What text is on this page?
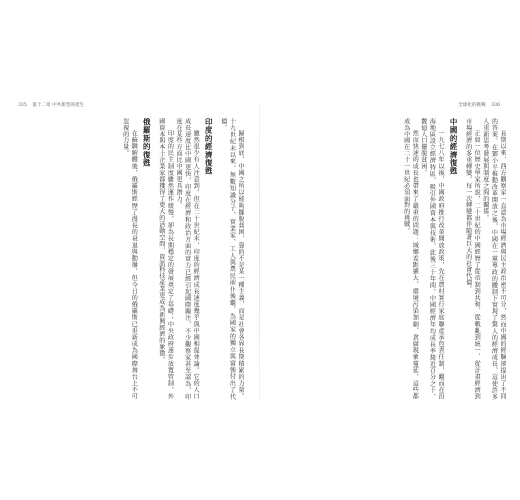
335 第十二章 中共新型的產生

歸根到底，中國之所以能夠擺脫貧困，靠的不是某一種主義，而是社會各界長期積累的力量。十九世紀末以來，無數知識分子、實業家、工人與農民前仆後繼，為國家的獨立與富強付出了代價。

印度的經濟復甦

雖然很少有人注意到，但在二十世紀末，印度的經濟成長速度幾乎與中國相提並論。它的人口成長速度比中國更快，印度在經濟和政治方面的實力已經引起國際關注，不少觀察家甚至認為，印度在某些方面比中國更具潛力。

印度的民主制度雖然運作緩慢，卻為長期穩定的發展奠定了基礎；中央政府逐步放寬管制，外國資本與本土企業家都獲得了更大的活動空間，資訊科技產業更成為新興經濟的象徵。

俄羅斯的復甦

在蘇聯解體後，俄羅斯經歷了漫長的衰退與動盪，但今日的俄羅斯已重新成為國際舞台上不可忽視的力量。

全球化的挑戰 336

長期以來，西方觀察家一直認為市場經濟與民主政治密不可分，然而中國的經驗卻提出了不同的答案。在鄧小平推動改革開放之後，中國在一黨專政的體制下實現了驚人的經濟成長，這使許多人重新思考發展與制度之間的關係。

正如一位歷史學家所說，二十世紀的中國經歷了從帝制到共和、從戰亂到統一、從計畫經濟到市場經濟的多重轉變，每一次轉變都伴隨著巨大的社會代價。

中國的經濟復甦

一九七八年以後，中國政府推行改革開放政策，先在農村實行家庭聯產承包責任制，繼而在沿海地區設立經濟特區，吸引外國資本與技術。此後三十年間，中國經濟年均成長率接近百分之十，數億人口擺脫貧困。

然而快速的成長也帶來了嚴重的問題：城鄉差距擴大、環境污染加劇、貪腐現象蔓延，這些都成為中國在二十一世紀必須面對的挑戰。
